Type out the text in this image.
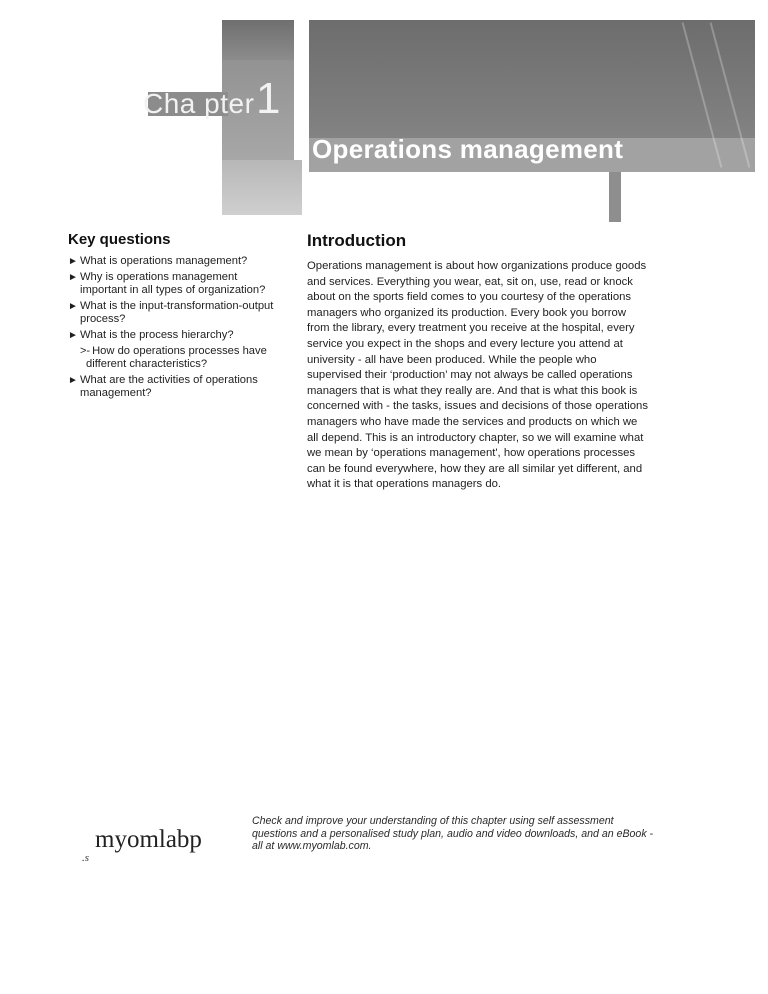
Cha pter 1
Operations management
Key questions
► What is operations management?
► Why is operations management important in all types of organization?
► What is the input-transformation-output process?
► What is the process hierarchy?
>- How do operations processes have different characteristics?
► What are the activities of operations management?
Introduction

Operations management is about how organizations produce goods and services. Everything you wear, eat, sit on, use, read or knock about on the sports field comes to you courtesy of the operations managers who organized its production. Every book you borrow from the library, every treatment you receive at the hospital, every service you expect in the shops and every lecture you attend at university - all have been produced. While the people who supervised their ‘production’ may not always be called operations managers that is what they really are. And that is what this book is concerned with - the tasks, issues and decisions of those operations managers who have made the services and products on which we all depend. This is an introductory chapter, so we will examine what we mean by ‘operations management', how operations processes can be found everywhere, how they are all similar yet different, and what it is that operations managers do.

myomlabp
.s

Check and improve your understanding of this chapter using self assessment questions and a personalised study plan, audio and video downloads, and an eBook - all at www.myomlab.com.
